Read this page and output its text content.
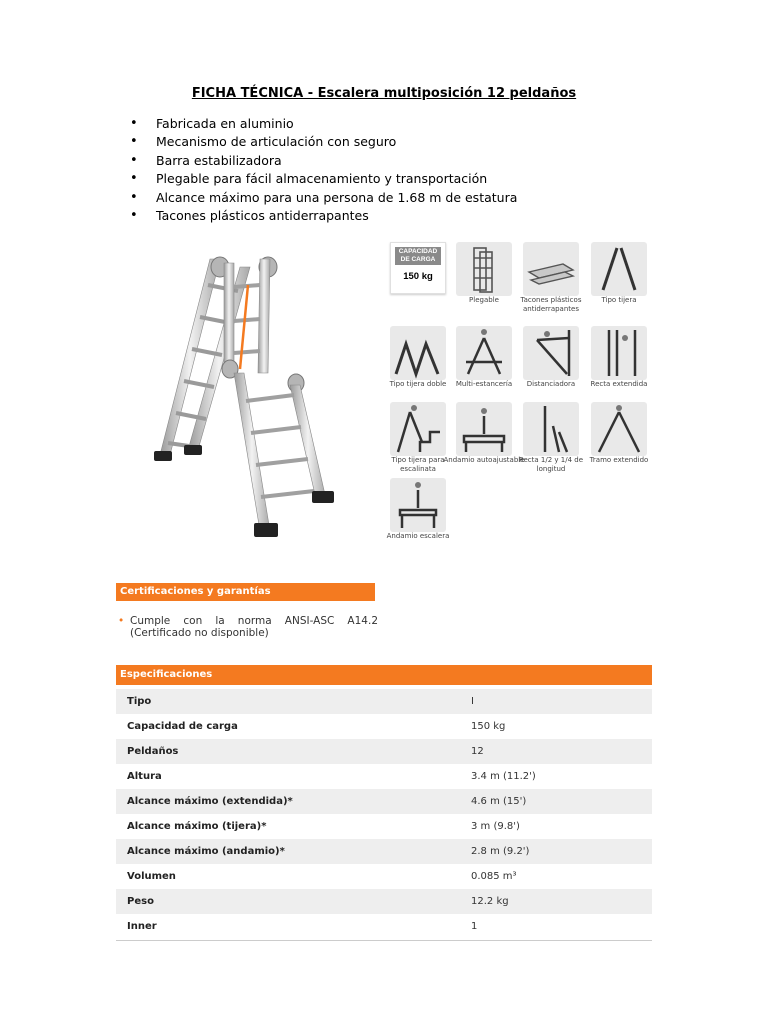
FICHA TÉCNICA - Escalera multiposición 12 peldaños
• Fabricada en aluminio
• Mecanismo de articulación con seguro
• Barra estabilizadora
• Plegable para fácil almacenamiento y transportación
• Alcance máximo para una persona de 1.68 m de estatura
• Tacones plásticos antiderrapantes
CAPACIDAD DE CARGA
150 kg
Plegable	Tacones plásticos antiderrapantes
Tipo tijera
Tipo tijera doble	Multi-estancería	Distanciadora	Recta extendida
Tipo tijera para escalinata
Andamio autoajustable
Recta 1/2 y 1/4 de longitud
Tramo extendido
Andamio escalera
Certificaciones y garantías
• Cumple con la norma ANSI-ASC A14.2 (Certificado no disponible)
Especificaciones
Tipo	I
Capacidad de carga	150 kg
Peldaños	12
Altura	3.4 m (11.2')
Alcance máximo (extendida)*	4.6 m (15')
Alcance máximo (tijera)*	3 m (9.8')
Alcance máximo (andamio)*	2.8 m (9.2')
Volumen	0.085 m³
Peso	12.2 kg
Inner	1
